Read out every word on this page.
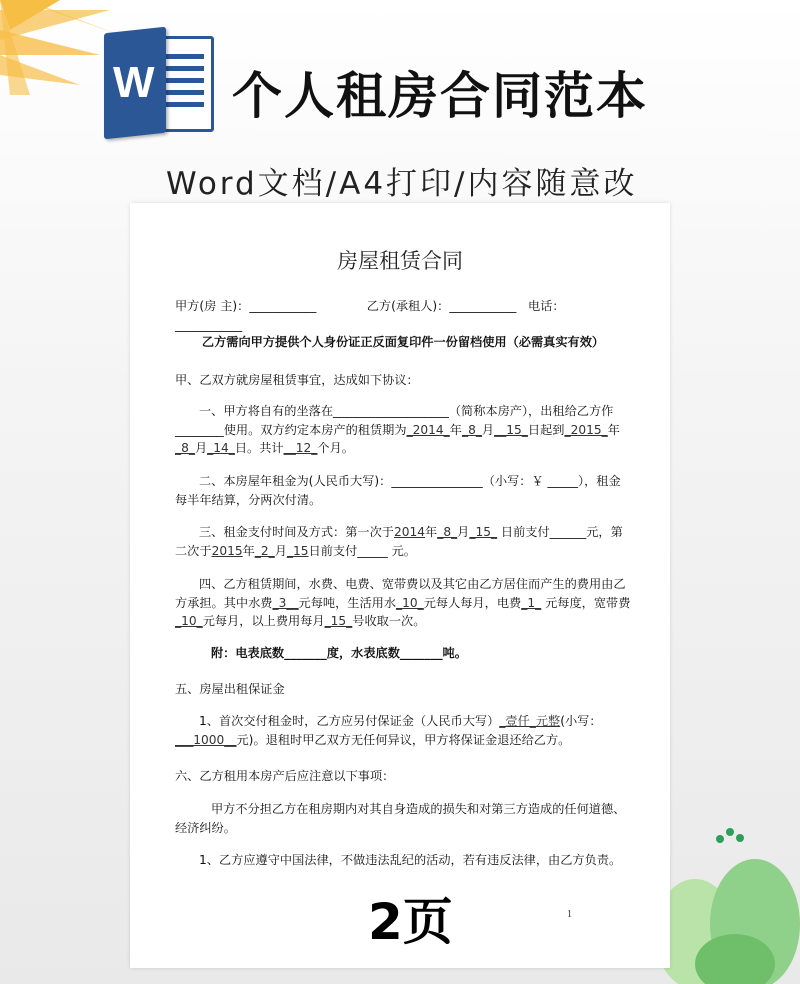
W 个人租房合同范本
Word文档/A4打印/内容随意改
房屋租赁合同
甲方(房 主)：___________             乙方(承租人)：___________   电话：___________
乙方需向甲方提供个人身份证正反面复印件一份留档使用（必需真实有效）
甲、乙双方就房屋租赁事宜，达成如下协议：
一、甲方将自有的坐落在___________________（简称本房产），出租给乙方作________使用。双方约定本房产的租赁期为_2014_年_8_月__15_日起到_2015_年_8_月_14_日。共计__12_个月。
二、本房屋年租金为(人民币大写)：_______________（小写：￥ _____），租金每半年结算，分两次付清。
三、租金支付时间及方式：第一次于2014年_8_月_15_ 日前支付______元，第二次于2015年_2_月_15日前支付_____ 元。
四、乙方租赁期间，水费、电费、宽带费以及其它由乙方居住而产生的费用由乙方承担。其中水费_3__元每吨，生活用水_10_元每人每月，电费_1_ 元每度，宽带费_10_元每月，以上费用每月_15_号收取一次。
附：电表底数_______度，水表底数_______吨。
五、房屋出租保证金
1、首次交付租金时，乙方应另付保证金（人民币大写）_壹仟_元整(小写：___1000__元)。退租时甲乙双方无任何异议，甲方将保证金退还给乙方。
六、乙方租用本房产后应注意以下事项：
甲方不分担乙方在租房期内对其自身造成的损失和对第三方造成的任何道德、经济纠纷。
1、乙方应遵守中国法律，不做违法乱纪的活动，若有违反法律，由乙方负责。
2页	1
